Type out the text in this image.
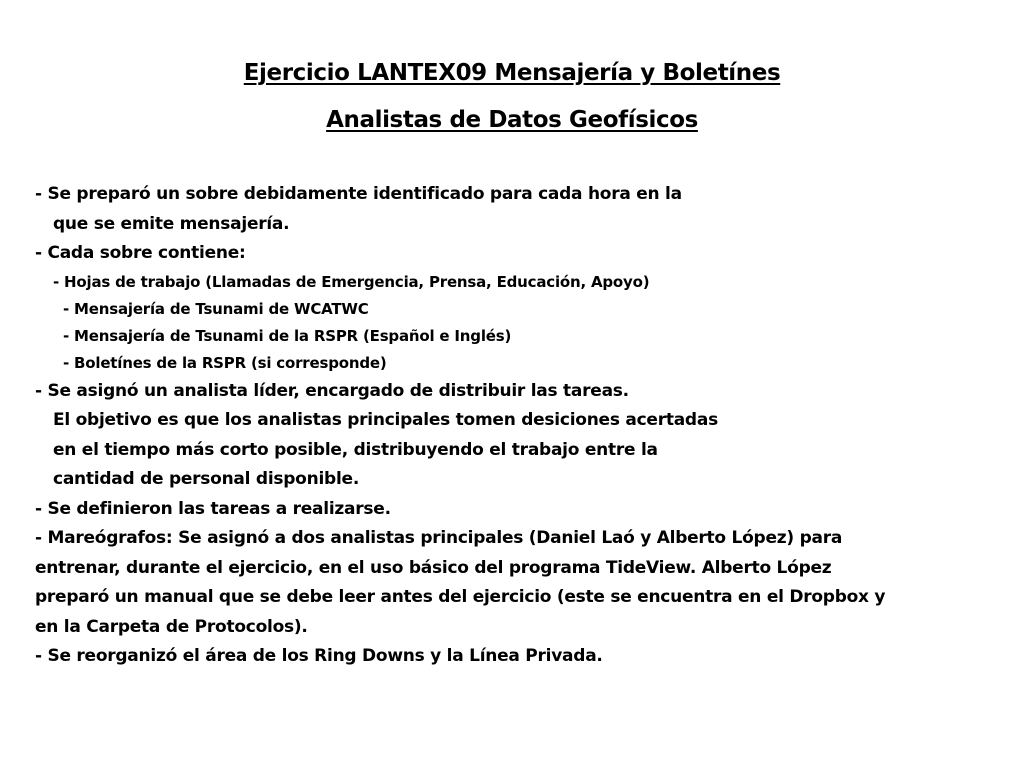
Ejercicio LANTEX09 Mensajería y Boletínes
Analistas de Datos Geofísicos
- Se preparó un sobre debidamente identificado para cada hora en la
que se emite mensajería.
- Cada sobre contiene:
- Hojas de trabajo (Llamadas de Emergencia, Prensa, Educación, Apoyo)
- Mensajería de Tsunami de WCATWC
- Mensajería de Tsunami de la RSPR (Español e Inglés)
- Boletínes de la RSPR (si corresponde)
- Se asignó un analista líder, encargado de distribuir las tareas.
El objetivo es que los analistas principales tomen desiciones acertadas
en el tiempo más corto posible, distribuyendo el trabajo entre la
cantidad de personal disponible.
- Se definieron las tareas a realizarse.
- Mareógrafos: Se asignó a dos analistas principales (Daniel Laó y Alberto López) para
entrenar, durante el ejercicio, en el uso básico del programa TideView. Alberto López
preparó un manual que se debe leer antes del ejercicio (este se encuentra en el Dropbox y
en la Carpeta de Protocolos).
- Se reorganizó el área de los Ring Downs y la Línea Privada.
